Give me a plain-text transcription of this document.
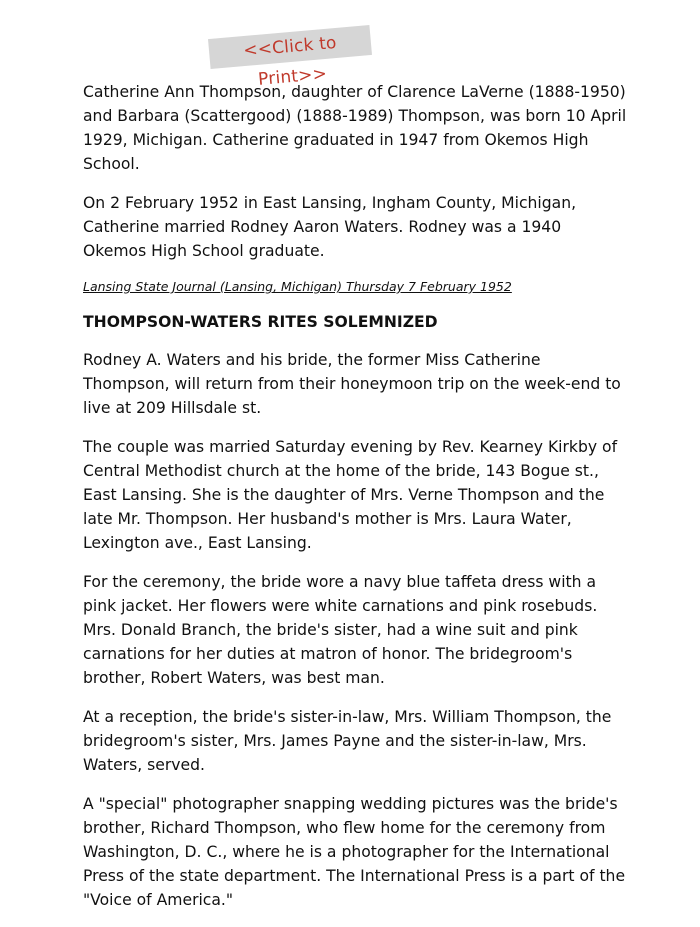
<<Click to Print>>

Catherine Ann Thompson, daughter of Clarence LaVerne (1888-1950) and Barbara (Scattergood) (1888-1989) Thompson, was born 10 April 1929, Michigan. Catherine graduated in 1947 from Okemos High School.

On 2 February 1952 in East Lansing, Ingham County, Michigan, Catherine married Rodney Aaron Waters. Rodney was a 1940 Okemos High School graduate.

Lansing State Journal (Lansing, Michigan) Thursday 7 February 1952
THOMPSON-WATERS RITES SOLEMNIZED

Rodney A. Waters and his bride, the former Miss Catherine Thompson, will return from their honeymoon trip on the week-end to live at 209 Hillsdale st.

The couple was married Saturday evening by Rev. Kearney Kirkby of Central Methodist church at the home of the bride, 143 Bogue st., East Lansing. She is the daughter of Mrs. Verne Thompson and the late Mr. Thompson. Her husband's mother is Mrs. Laura Water, Lexington ave., East Lansing.

For the ceremony, the bride wore a navy blue taffeta dress with a pink jacket. Her flowers were white carnations and pink rosebuds. Mrs. Donald Branch, the bride's sister, had a wine suit and pink carnations for her duties at matron of honor. The bridegroom's brother, Robert Waters, was best man.

At a reception, the bride's sister-in-law, Mrs. William Thompson, the bridegroom's sister, Mrs. James Payne and the sister-in-law, Mrs. Waters, served.

A "special" photographer snapping wedding pictures was the bride's brother, Richard Thompson, who flew home for the ceremony from Washington, D. C., where he is a photographer for the International Press of the state department. The International Press is a part of the "Voice of America."
